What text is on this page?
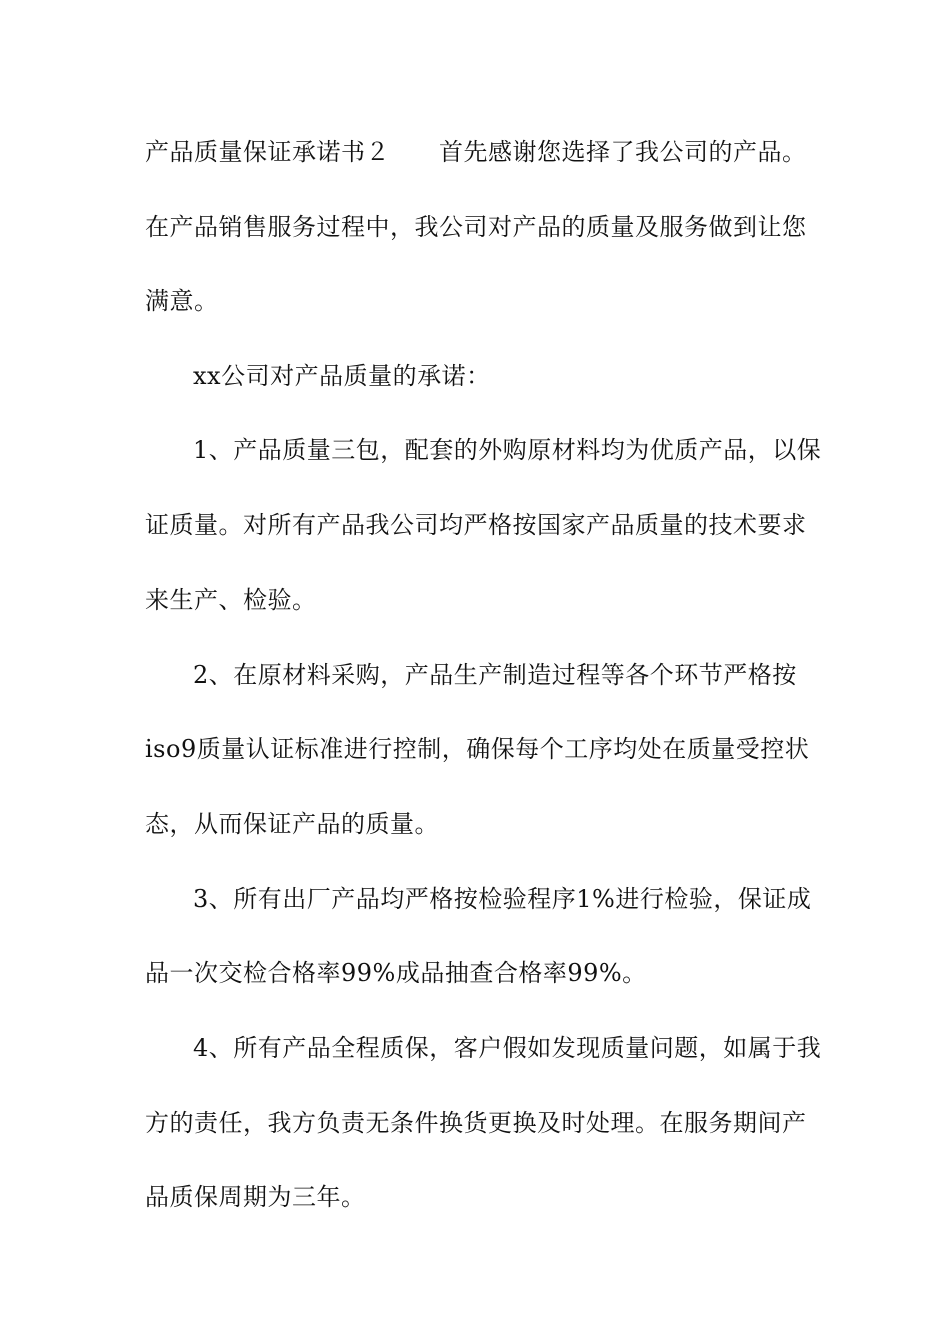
产品质量保证承诺书２　　首先感谢您选择了我公司的产品。
在产品销售服务过程中，我公司对产品的质量及服务做到让您
满意。
xx公司对产品质量的承诺：
1、产品质量三包，配套的外购原材料均为优质产品，以保
证质量。对所有产品我公司均严格按国家产品质量的技术要求
来生产、检验。
2、在原材料采购，产品生产制造过程等各个环节严格按
iso9质量认证标准进行控制，确保每个工序均处在质量受控状
态，从而保证产品的质量。
3、所有出厂产品均严格按检验程序1%进行检验，保证成
品一次交检合格率99%成品抽查合格率99%。
4、所有产品全程质保，客户假如发现质量问题，如属于我
方的责任，我方负责无条件换货更换及时处理。在服务期间产
品质保周期为三年。
